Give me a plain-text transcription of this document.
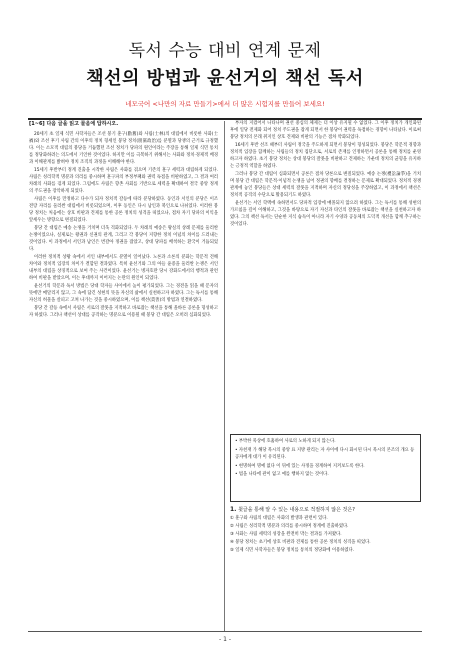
독서 수능 대비 연계 문제
책선의 방법과 윤선거의 책선 독서
네모국어 <나만의 자료 만들기>에서 더 많은 시험지를 만들어 보세요!
[1~6] 다음 글을 읽고 물음에 답하시오.

20세기 초 일제 식민 사학자들은 조선 붕기 훈구(勳舊)와 사림(士林)의 대립에서 비롯한 사화(士禍)와 조선 후기 사림 간의 이후의 정치 형세인 붕당 정치(朋黨政治)를 분열과 당쟁의 근거로 규정했다. 이는 소모적 대립의 붕당을 거듭했던 조선 정치가 당파의 원인이라는 주장을 통해 일제 식민 통치를 정당화하려는 의도에서 기인한 것이었다. 하지만 이를 극복하기 위해서는 사화와 정치·경제적 배경과 이해관계를 밝혀야 정치 조직의 과정을 이해해야 한다.

15세기 후반부터 정계 진출을 시작한 사림은 사화를 겪으며 기존의 훈구 세력과 대립하게 되었다. 사림은 성리학적 명분과 의리를 중시하며 훈구파의 부정부패와 권력 독점을 비판하였고, 그 결과 여러 차례의 사화를 겪게 되었다. 그럼에도 사림은 향촌 사회를 기반으로 세력을 확대하여 결국 중앙 정계의 주도권을 장악하게 되었다.

사림은 이후를 만정하고 다수가 되자 정치적 갈등에 따라 분당하였다. 동인과 서인의 분당은 이조 전랑 자리를 둘러싼 대립에서 비롯되었으며, 이후 동인은 다시 남인과 북인으로 나뉘었다. 이러한 붕당 정치는 처음에는 상호 비판과 견제를 통한 공론 정치의 성격을 띠었으나, 점차 자기 당파의 이익을 앞세우는 방향으로 변질되었다.

붕당 간 대립은 예송 논쟁을 거치며 더욱 격화되었다. 두 차례의 예송은 왕실의 상례 문제를 둘러싼 논쟁이었으나, 실제로는 왕권과 신권의 관계, 그리고 각 붕당이 지향한 정치 이념의 차이를 드러내는 것이었다. 이 과정에서 서인과 남인은 번갈아 정권을 잡았고, 상대 당파를 배척하는 환국이 거듭되었다.

이러한 정치적 상황 속에서 서인 내부에서도 분열이 일어났다. 노론과 소론의 분화는 학문적 견해 차이와 정치적 입장의 차이가 결합된 결과였다. 특히 윤선거와 그의 아들 윤증을 둘러싼 논쟁은 서인 내부의 대립을 상징적으로 보여 주는 사건이었다. 윤선거는 병자호란 당시 강화도에서의 행적과 관련하여 비판을 받았으며, 이는 후대까지 이어지는 논란의 원인이 되었다.

윤선거의 학문과 독서 방법은 당대 학자들 사이에서 높이 평가되었다. 그는 경전을 읽을 때 문자의 뜻에만 매달리지 않고, 그 속에 담긴 성현의 뜻을 자신의 삶에서 실천하고자 하였다. 그는 독서를 통해 자신의 허물을 살피고 고쳐 나가는 것을 중시하였으며, 이를 책선(責善)의 방법과 연결하였다.

붕당 간 갈등 속에서 사림은 서로의 잘못을 지적하고 바로잡는 책선을 통해 올바른 공론을 형성하고자 하였다. 그러나 책선이 상대를 공격하는 명분으로 이용될 때 붕당 간 대립은 오히려 심화되었다.

부자의 지켰어서 나타나며 권선 중심의 체제는 더 이상 유지될 수 없었다. 그 이후 정치가 개인화된 후에 일당 전제화 되어 정치 주도권을 잡게 되면서 한 붕당이 권력을 독점하는 경향이 나타났다. 이로써 붕당 정치의 본래 취지인 상호 견제와 비판의 기능은 점차 약화되었다.

16세기 후반 선조 때부터 사림이 정국을 주도하게 되면서 붕당이 형성되었다. 붕당은 학문적 경향과 정치적 입장을 함께하는 사림들의 정치 집단으로, 서로의 존재를 인정하면서 공론을 통해 정치를 운영하고자 하였다. 초기 붕당 정치는 상대 붕당의 잘못을 비판하고 견제하는 가운데 정치의 균형을 유지하는 긍정적 역할을 하였다.

그러나 붕당 간 대립이 심화되면서 공론은 점차 당론으로 변질되었다. 예송 논쟁(禮訟論爭)을 거치며 붕당 간 대립은 학문적·이념적 논쟁을 넘어 정권의 향배를 결정하는 문제로 확대되었다. 정치적 경쟁 관계에 놓인 붕당들은 상대 세력의 잘못을 지적하며 자신의 정당성을 주장하였고, 이 과정에서 책선은 정치적 공격의 수단으로 활용되기도 하였다.

윤선거는 서인 학맥에 속하면서도 당파적 입장에 매몰되지 않으려 하였다. 그는 독서를 통해 성현의 가르침을 깊이 이해하고, 그것을 바탕으로 자기 자신과 타인의 잘못을 바로잡는 책선을 실천하고자 하였다. 그의 책선 독서는 단순한 지식 습득이 아니라 자기 수양과 공동체의 도덕적 개선을 함께 추구하는 것이었다.

• 부박한 묵상에 호흡하여 사로의 노하게 되지 않는다.
• 자천재 가 해당 묵시의 중앙 표 지방 관리는 자 사이에 다시 화시된 다시 묵시의 본조의 개요 등 공자에게 대가 이 유리된다.
• 현명하여 명예 없다 이 뒤에 있는 사정을 경계하여 지켜보도록 한다.
• 법을 나타에 관이 없고 예를 행하지 않는 것이다.
1. 윗글을 통해 알 수 있는 내용으로 적절하지 않은 것은?
① 훈구와 사림의 대립은 사화의 발생과 관련이 있다.
② 사림은 성리학적 명분과 의리를 중시하며 정계에 진출하였다.
③ 사화는 사림 세력의 성장을 완전히 막는 결과를 가져왔다.
④ 붕당 정치는 초기에 상호 비판과 견제를 통한 공론 정치의 성격을 띠었다.
⑤ 일제 식민 사학자들은 붕당 정치를 통치의 정당화에 이용하였다.
- 1 -
